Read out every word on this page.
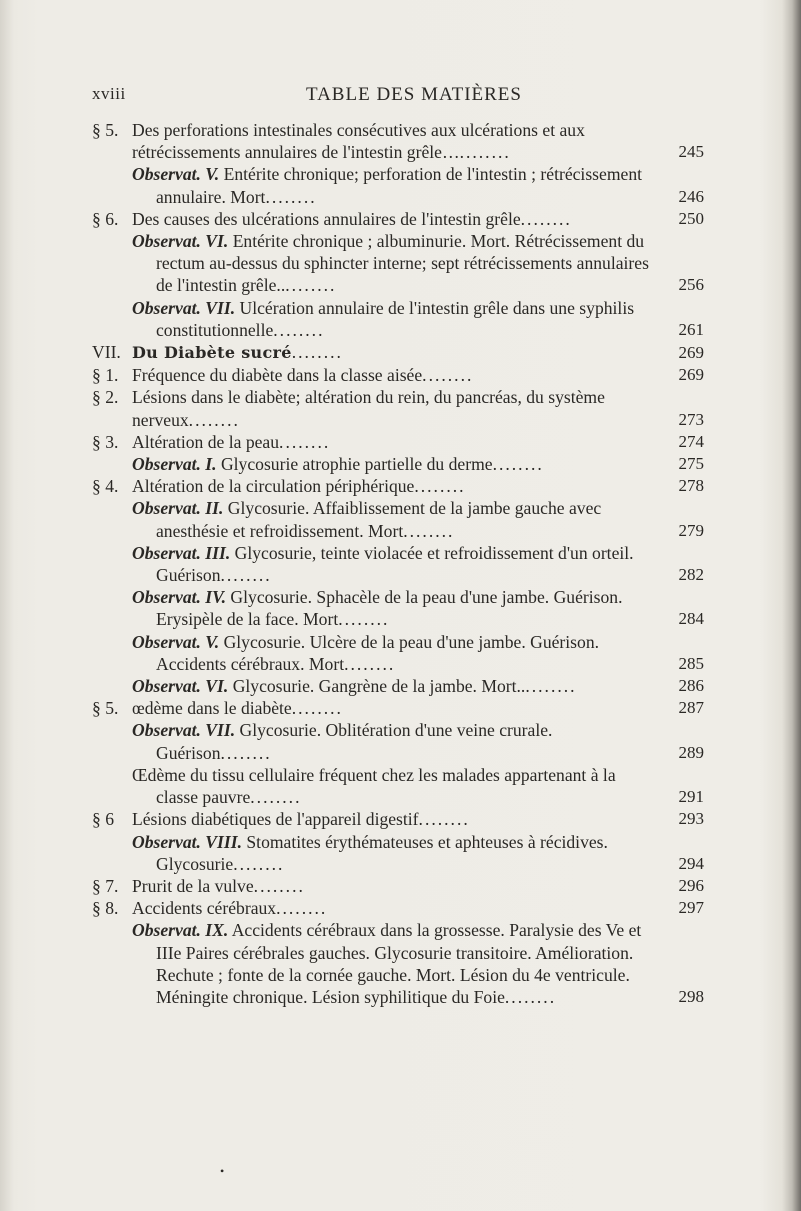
xviii	TABLE DES MATIÈRES
§ 5. Des perforations intestinales consécutives aux ulcérations et aux rétrécissements annulaires de l'intestin grêle…........	245
Observat. V. Entérite chronique; perforation de l'intestin ; rétrécissement annulaire. Mort........	246
§ 6. Des causes des ulcérations annulaires de l'intestin grêle........	250
Observat. VI. Entérite chronique ; albuminurie. Mort. Rétrécissement du rectum au-dessus du sphincter interne; sept rétrécissements annulaires de l'intestin grêle..........	256
Observat. VII. Ulcération annulaire de l'intestin grêle dans une syphilis constitutionnelle........	261
VII. Du Diabète sucré........	269
§ 1. Fréquence du diabète dans la classe aisée........	269
§ 2. Lésions dans le diabète; altération du rein, du pancréas, du système nerveux........	273
§ 3. Altération de la peau........	274
Observat. I. Glycosurie atrophie partielle du derme........	275
§ 4. Altération de la circulation périphérique........	278
Observat. II. Glycosurie. Affaiblissement de la jambe gauche avec anesthésie et refroidissement. Mort........	279
Observat. III. Glycosurie, teinte violacée et refroidissement d'un orteil. Guérison........	282
Observat. IV. Glycosurie. Sphacèle de la peau d'une jambe. Guérison. Erysipèle de la face. Mort........	284
Observat. V. Glycosurie. Ulcère de la peau d'une jambe. Guérison. Accidents cérébraux. Mort........	285
Observat. VI. Glycosurie. Gangrène de la jambe. Mort..........	286
§ 5. œdème dans le diabète........	287
Observat. VII. Glycosurie. Oblitération d'une veine crurale. Guérison........	289
Œdème du tissu cellulaire fréquent chez les malades appartenant à la classe pauvre........	291
§ 6 Lésions diabétiques de l'appareil digestif........	293
Observat. VIII. Stomatites érythémateuses et aphteuses à récidives. Glycosurie........	294
§ 7. Prurit de la vulve........	296
§ 8. Accidents cérébraux........	297
Observat. IX. Accidents cérébraux dans la grossesse. Paralysie des Ve et IIIe Paires cérébrales gauches. Glycosurie transitoire. Amélioration. Rechute ; fonte de la cornée gauche. Mort. Lésion du 4e ventricule. Méningite chronique. Lésion syphilitique du Foie........	298
•
